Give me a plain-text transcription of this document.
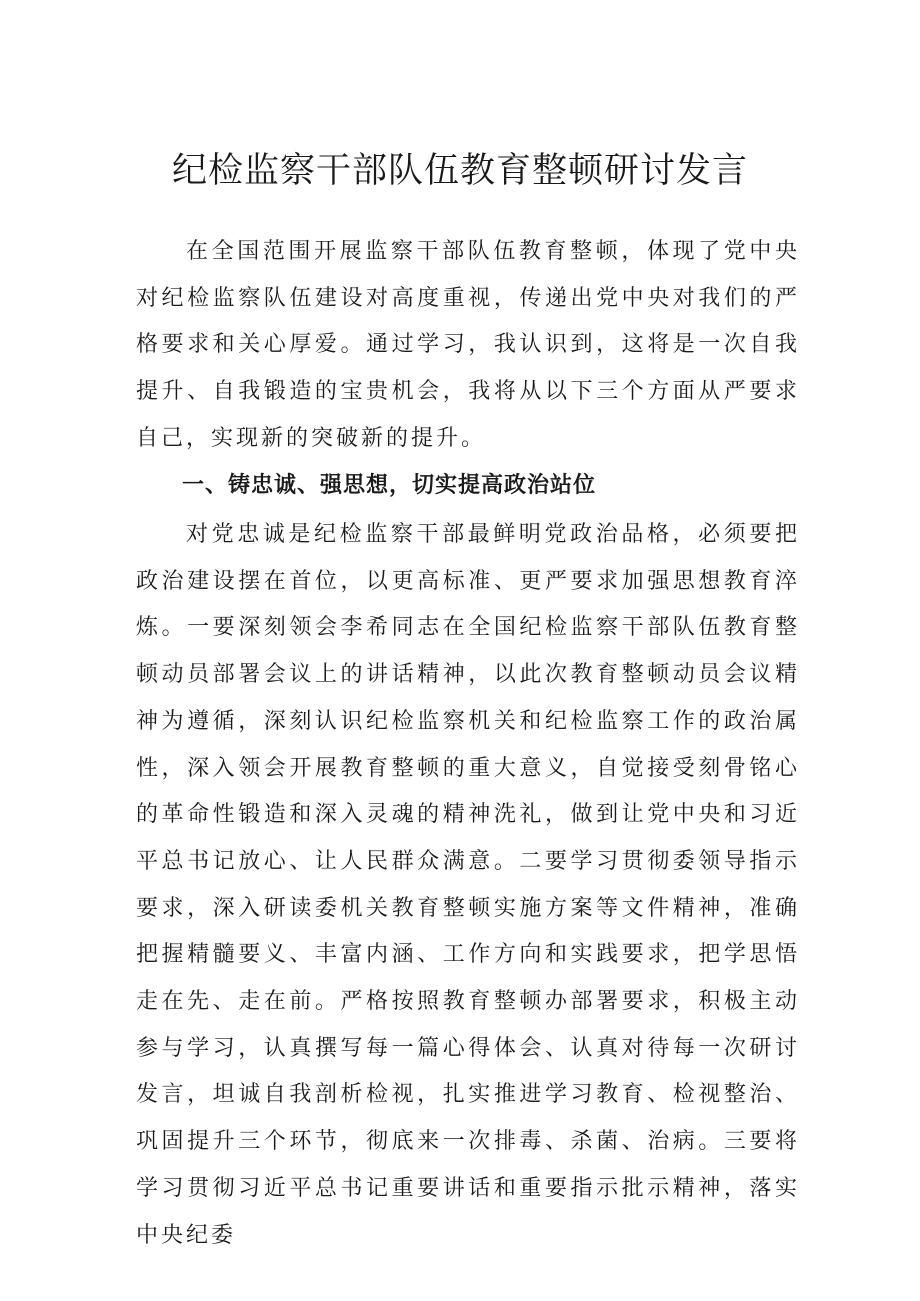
纪检监察干部队伍教育整顿研讨发言

在全国范围开展监察干部队伍教育整顿，体现了党中央对纪检监察队伍建设对高度重视，传递出党中央对我们的严格要求和关心厚爱。通过学习，我认识到，这将是一次自我提升、自我锻造的宝贵机会，我将从以下三个方面从严要求自己，实现新的突破新的提升。

一、铸忠诚、强思想，切实提高政治站位

对党忠诚是纪检监察干部最鲜明党政治品格，必须要把政治建设摆在首位，以更高标准、更严要求加强思想教育淬炼。一要深刻领会李希同志在全国纪检监察干部队伍教育整顿动员部署会议上的讲话精神，以此次教育整顿动员会议精神为遵循，深刻认识纪检监察机关和纪检监察工作的政治属性，深入领会开展教育整顿的重大意义，自觉接受刻骨铭心的革命性锻造和深入灵魂的精神洗礼，做到让党中央和习近平总书记放心、让人民群众满意。二要学习贯彻委领导指示要求，深入研读委机关教育整顿实施方案等文件精神，准确把握精髓要义、丰富内涵、工作方向和实践要求，把学思悟走在先、走在前。严格按照教育整顿办部署要求，积极主动参与学习，认真撰写每一篇心得体会、认真对待每一次研讨发言，坦诚自我剖析检视，扎实推进学习教育、检视整治、巩固提升三个环节，彻底来一次排毒、杀菌、治病。三要将学习贯彻习近平总书记重要讲话和重要指示批示精神，落实中央纪委
